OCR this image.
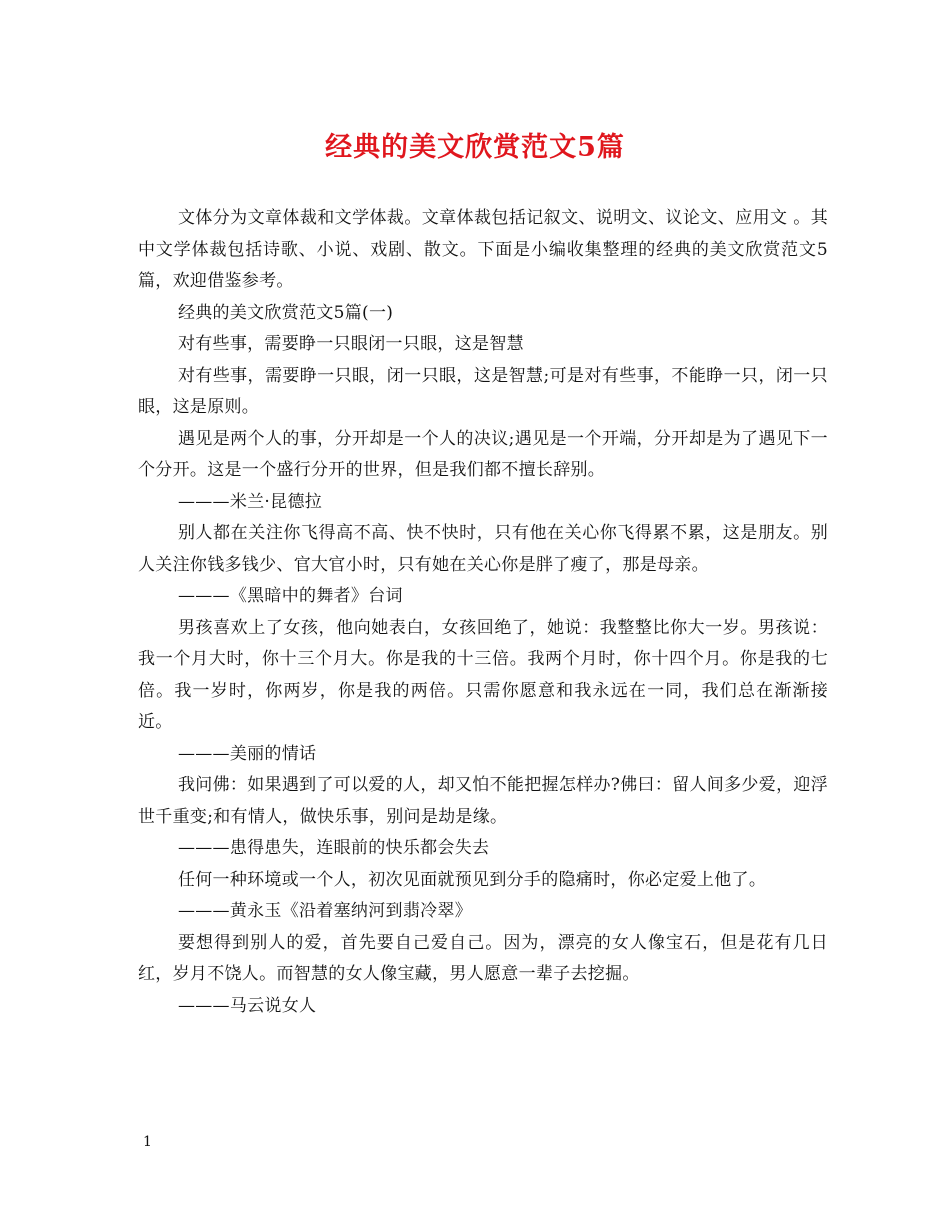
经典的美文欣赏范文5篇

文体分为文章体裁和文学体裁。文章体裁包括记叙文、说明文、议论文、应用文 。其中文学体裁包括诗歌、小说、戏剧、散文。下面是小编收集整理的经典的美文欣赏范文5篇，欢迎借鉴参考。

经典的美文欣赏范文5篇(一)

对有些事，需要睁一只眼闭一只眼，这是智慧

对有些事，需要睁一只眼，闭一只眼，这是智慧;可是对有些事，不能睁一只，闭一只眼，这是原则。

遇见是两个人的事，分开却是一个人的决议;遇见是一个开端，分开却是为了遇见下一个分开。这是一个盛行分开的世界，但是我们都不擅长辞别。

———米兰·昆德拉

别人都在关注你飞得高不高、快不快时，只有他在关心你飞得累不累，这是朋友。别人关注你钱多钱少、官大官小时，只有她在关心你是胖了瘦了，那是母亲。

———《黑暗中的舞者》台词

男孩喜欢上了女孩，他向她表白，女孩回绝了，她说：我整整比你大一岁。男孩说：我一个月大时，你十三个月大。你是我的十三倍。我两个月时，你十四个月。你是我的七倍。我一岁时，你两岁，你是我的两倍。只需你愿意和我永远在一同，我们总在渐渐接近。

———美丽的情话

我问佛：如果遇到了可以爱的人，却又怕不能把握怎样办?佛曰：留人间多少爱，迎浮世千重变;和有情人，做快乐事，别问是劫是缘。

———患得患失，连眼前的快乐都会失去

任何一种环境或一个人，初次见面就预见到分手的隐痛时，你必定爱上他了。

———黄永玉《沿着塞纳河到翡冷翠》

要想得到别人的爱，首先要自己爱自己。因为，漂亮的女人像宝石，但是花有几日红，岁月不饶人。而智慧的女人像宝藏，男人愿意一辈子去挖掘。

———马云说女人

1
